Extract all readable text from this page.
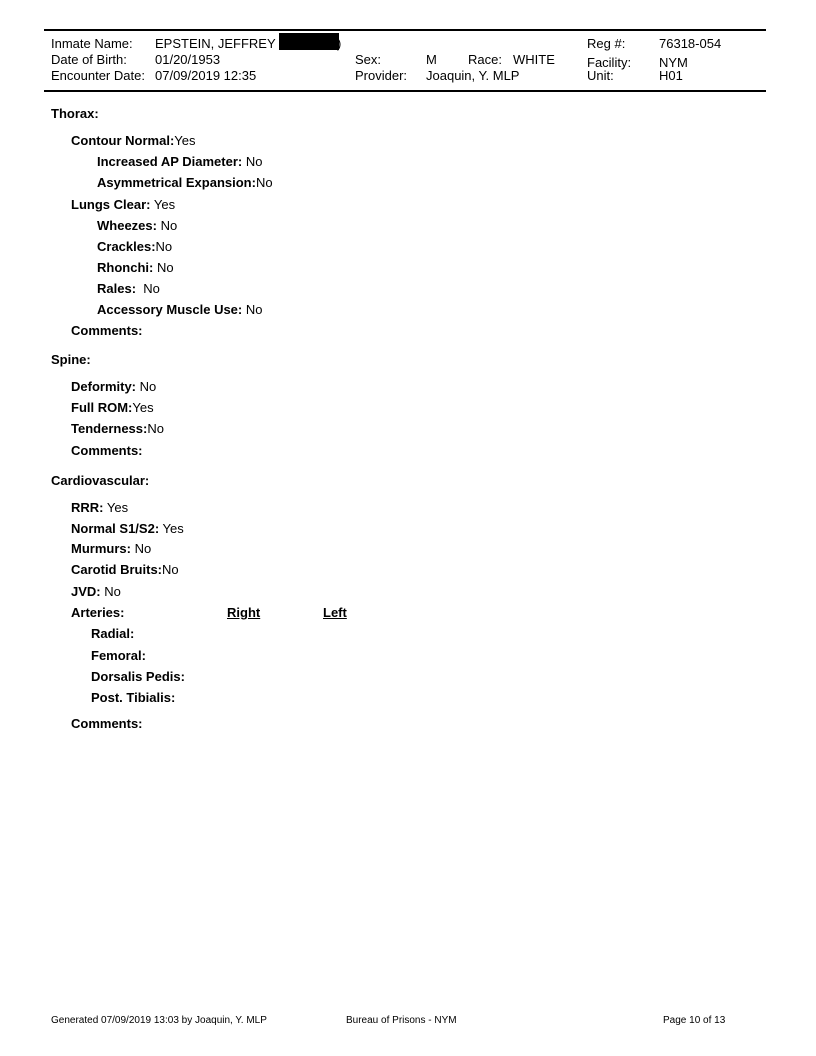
Inmate Name: EPSTEIN, JEFFREY	)
Date of Birth: 01/20/1953
Encounter Date: 07/09/2019 12:35
Sex:	M Race: WHITE
Provider: Joaquin, Y. MLP
Reg #:	76318-054
Facility: NYM
Unit:	H01
Thorax:
Contour Normal:Yes
Increased AP Diameter: No
Asymmetrical Expansion:No
Lungs Clear: Yes
Wheezes: No
Crackles:No
Rhonchi: No
Rales: No
Accessory Muscle Use: No
Comments:
Spine:
Deformity: No
Full ROM:Yes
Tenderness:No
Comments:
Cardiovascular:
RRR: Yes
Normal S1/S2: Yes
Murmurs: No
Carotid Bruits:No
JVD: No
Arteries:	Right	Left
Radial:
Femoral:
Dorsalis Pedis:
Post. Tibialis:
Comments:
Generated 07/09/2019 13:03 by Joaquin, Y. MLP	Bureau of Prisons - NYM	Page 10 of 13
